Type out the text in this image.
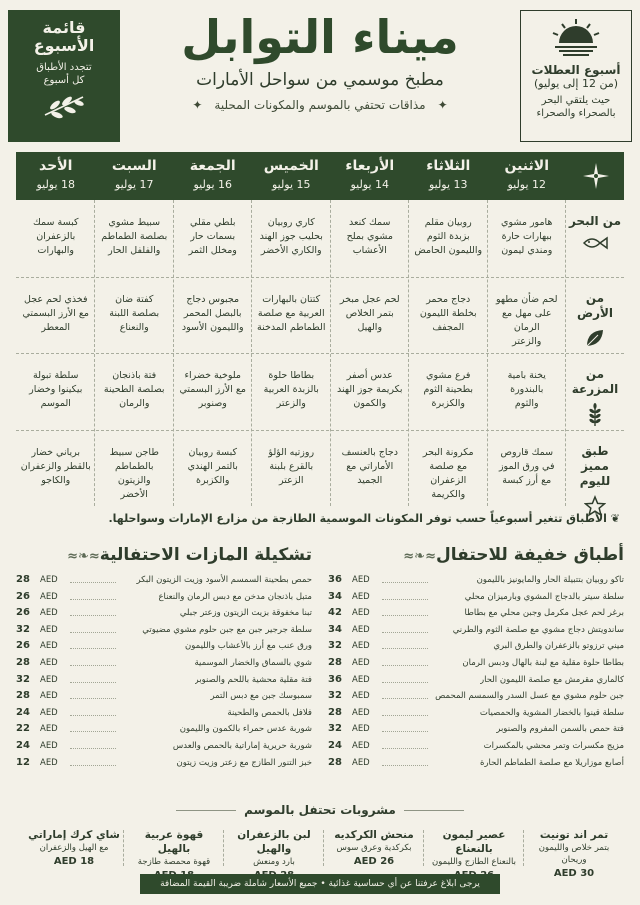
أسبوع العطلات
(من 12 إلى يوليو)
حيث يلتقي البحر
بالصحراء والصحراء
قائمة
الأسبوع
تتجدد الأطباق
كل أسبوع
ميناء التوابل
مطبخ موسمي من سواحل الأمارات
✦مذاقات تحتفي بالموسم والمكونات المحلية✦
الاثنين
12 يوليو
الثلاثاء
13 يوليو
الأربعاء
14 يوليو
الخميس
15 يوليو
الجمعة
16 يوليو
السبت
17 يوليو
الأحد
18 يوليو
من البحر
هامور مشوي
ببهارات حارة
ومندي ليمون
روبيان مقلم
بزبدة الثوم
والليمون الحامض
سمك كنعد
مشوي بملح
الأعشاب
كاري روبيان
بحليب جوز الهند
والكاري الأخضر
بلطي مقلي
بسمات حار
ومخلل الثمر
سبيط مشوي
بصلصة الطماطم
والفلفل الحار
كبسة سمك
بالزعفران
والبهارات
من الأرض
لحم ضأن مطهو
على مهل مع الرمان
والزعتر
دجاج محمر
بخلطة الليمون
المجفف
لحم عجل مبخر
بتمر الخلاص
والهيل
كتتان بالبهارات
العربية مع صلصة
الطماطم المدخنة
مجبوس دجاج
بالبصل المحمر
والليمون الأسود
كفتة ضان
بصلصة اللبنة
والنعناع
فخذي لحم عجل
مع الأرز البسمتي
المعطر
من المزرعة
يخنة بامية
بالبندورة
والثوم
فرع مشوي
بطحينة الثوم
والكزبرة
عدس أصفر
بكريمة جوز الهند
والكمون
بطاطا حلوة
بالزبدة العربية
والزعتر
ملوخية خضراء
مع الأرز البسمتي
وصنوبر
فتة باذنجان
بصلصة الطحينة
والرمان
سلطة تبولة
بيكينوا وخضار
الموسم
طبق مميز
لليوم
سمك قاروص
في ورق الموز
مع أرز كبسة
مكرونة البحر
مع صلصة الزعفران
والكريمة
دجاج بالعنسف
الأماراتي مع
الجميد
روزتيه الؤلؤ
بالقرع بلبنة
الزعتر
كبسة روبيان
بالتمر الهندي
والكزبرة
طاجن سبيط
بالطماطم والزيتون
الأخضر
برياني خضار
بالقطر والزعفران
والكاجو
❦ الأطباق تتغير أسبوعياً حسب توفر المكونات الموسمية الطازجة من مزارع الإمارات وسواحلها.
أطباق خفيفة للاحتفال≈❧≈
تاكو روبيان بتتبيلة الحار والمايونيز بالليمون
AED
36
سلطة سيتر بالدجاج المشوي وبارميزان محلي
AED
34
برغر لحم عجل مكرمل وجبن محلي مع بطاطا
AED
42
ساندويتش دجاج مشوي مع صلصة الثوم والطرني
AED
34
ميني ترزوتو بالزعفران والطرق البري
AED
32
بطاطا حلوة مقلية مع لبنة بالهال ودبس الرمان
AED
28
كالماري مقرمش مع صلصة الليمون الحار
AED
36
جبن حلوم مشوي مع عسل السدر والسمسم المحمص
AED
32
سلطة قينوا بالخضار المشوية والحمصيات
AED
28
فتة حمص بالسمن المفروم والصنوبر
AED
32
مزيج مكسرات وتمر محشي بالمكسرات
AED
24
أصابع موزاريلا مع صلصة الطماطم الحارة
AED
28
تشكيلة المازات الاحتفالية≈❧≈
حمص بطحينة السمسم الأسود وزيت الزيتون البكر
AED
28
متبل باذنجان مدخن مع دبس الرمان والنعناع
AED
26
تبنا مخفوقة بزيت الزيتون وزعتر جبلي
AED
26
سلطة جرجير جبن مع جبن حلوم مشوي مضيوتي
AED
32
ورق عنب مع أرز بالأعشاب والليمون
AED
26
شوي بالسماق والخضار الموسمية
AED
28
فتة مقلية محشية باللحم والصنوبر
AED
32
سمبوسك جبن مع دبس التمر
AED
28
فلافل بالحمص والطحينة
AED
24
شوربة عدس حمراء بالكمون والليمون
AED
22
شوربة حريرية إماراتية بالحمص والعدس
AED
24
خبز التنور الطازج مع زعتر وزيت زيتون
AED
12
مشروبات تحتفل بالموسم
تمر اند تونيت
بتمر خلاص والليمون وريحان
AED 30
عصير ليمون بالنعناع
بالنعناع الطازج والليمون
منحش الكركديه
بكركدية وعرق سوس
AED 26
لبن بالزعفران والهيل
بارد ومنعش
قهوة عربية بالهيل
قهوة محمصة طازجة
شاي كرك إماراتي
مع الهيل والزعفران
AED 18
يرجى ابلاغ عرفتنا عن أي حساسية غذائية • جميع الأسعار شاملة ضريبة القيمة المضافة
